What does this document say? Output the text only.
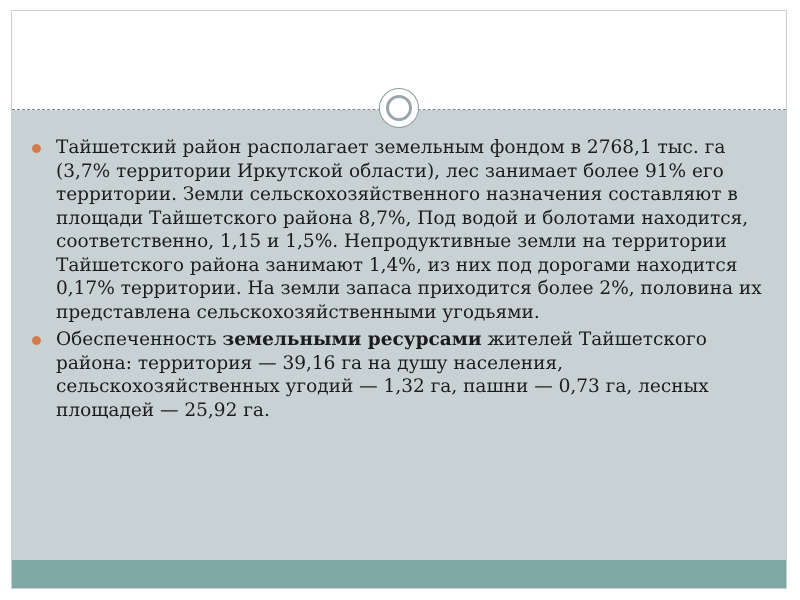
Тайшетский район располагает земельным фондом в 2768,1 тыс. га (3,7% территории Иркутской области), лес занимает более 91% его территории. Земли сельскохозяйственного назначения составляют в площади Тайшетского района 8,7%, Под водой и болотами находится, соответственно, 1,15 и 1,5%. Непродуктивные земли на территории Тайшетского района занимают 1,4%, из них под дорогами находится 0,17% территории. На земли запаса приходится более 2%, половина их представлена сельскохозяйственными угодьями.
Обеспеченность земельными ресурсами жителей Тайшетского района: территория — 39,16 га на душу населения, сельскохозяйственных угодий — 1,32 га, пашни — 0,73 га, лесных площадей — 25,92 га.
